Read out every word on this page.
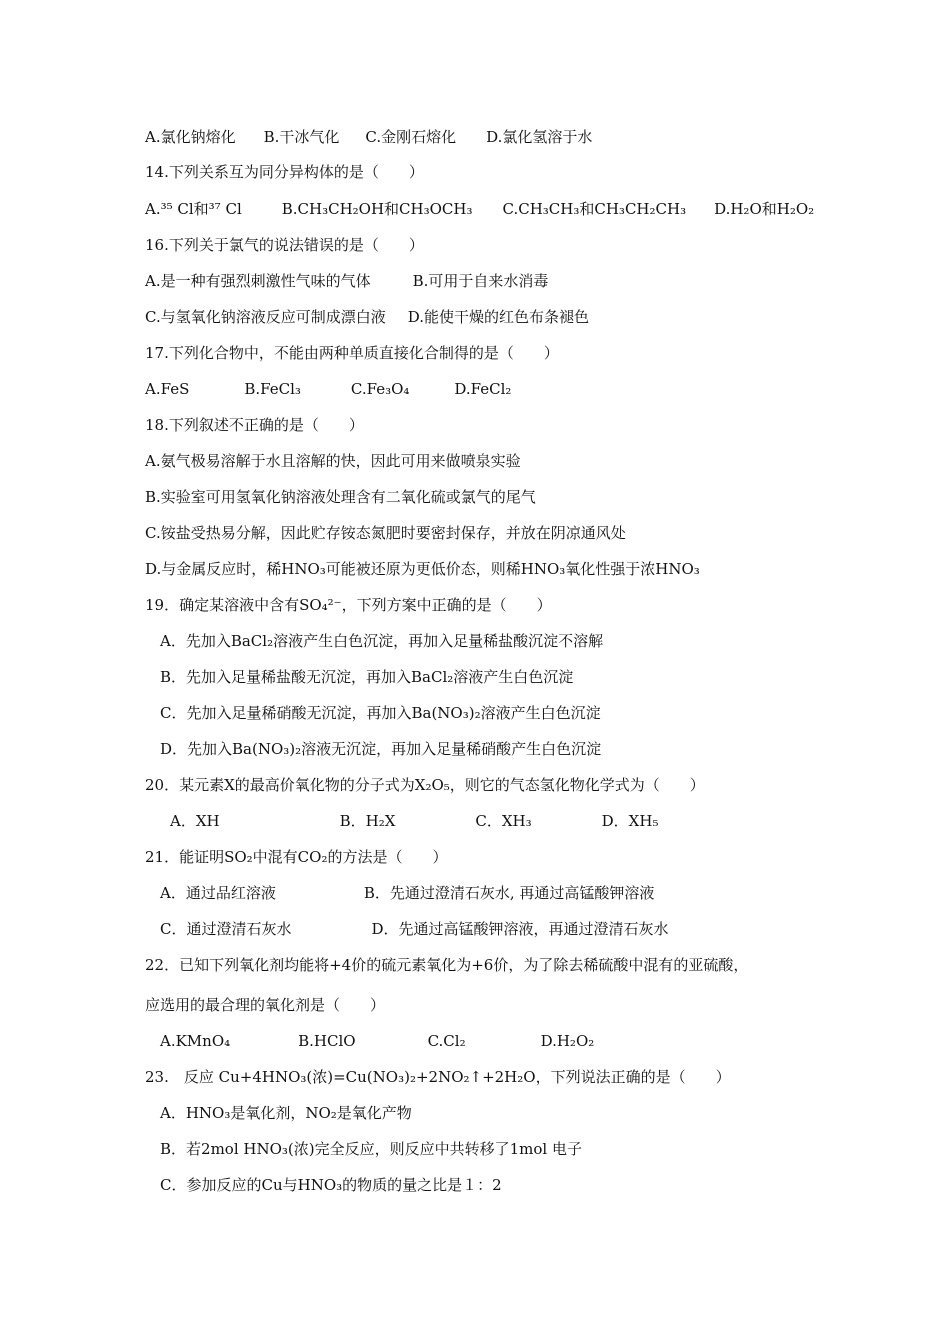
A.氯化钠熔化 B.干冰气化 C.金刚石熔化 D.氯化氢溶于水
14.下列关系互为同分异构体的是（　　）
A.³⁵ Cl和³⁷ Cl	B.CH₃CH₂OH和CH₃OCH₃ C.CH₃CH₃和CH₃CH₂CH₃ D.H₂O和H₂O₂
16.下列关于氯气的说法错误的是（　　）
A.是一种有强烈刺激性气味的气体	B.可用于自来水消毒
C.与氢氧化钠溶液反应可制成漂白液 D.能使干燥的红色布条褪色
17.下列化合物中，不能由两种单质直接化合制得的是（　　）
A.FeS	B.FeCl₃	C.Fe₃O₄	D.FeCl₂
18.下列叙述不正确的是（　　）
A.氨气极易溶解于水且溶解的快，因此可用来做喷泉实验
B.实验室可用氢氧化钠溶液处理含有二氧化硫或氯气的尾气
C.铵盐受热易分解，因此贮存铵态氮肥时要密封保存，并放在阴凉通风处
D.与金属反应时，稀HNO₃可能被还原为更低价态，则稀HNO₃氧化性强于浓HNO₃
19．确定某溶液中含有SO₄²⁻，下列方案中正确的是（　　）
A．先加入BaCl₂溶液产生白色沉淀，再加入足量稀盐酸沉淀不溶解
B．先加入足量稀盐酸无沉淀，再加入BaCl₂溶液产生白色沉淀
C．先加入足量稀硝酸无沉淀，再加入Ba(NO₃)₂溶液产生白色沉淀
D．先加入Ba(NO₃)₂溶液无沉淀，再加入足量稀硝酸产生白色沉淀
20．某元素X的最高价氧化物的分子式为X₂O₅，则它的气态氢化物化学式为（　　）
A．XH	B．H₂X	C．XH₃	D．XH₅
21．能证明SO₂中混有CO₂的方法是（　　）
A．通过品红溶液	B．先通过澄清石灰水, 再通过高锰酸钾溶液
C．通过澄清石灰水	D．先通过高锰酸钾溶液，再通过澄清石灰水
22．已知下列氧化剂均能将+4价的硫元素氧化为+6价，为了除去稀硫酸中混有的亚硫酸，
应选用的最合理的氧化剂是（　　）
A.KMnO₄	B.HClO	C.Cl₂	D.H₂O₂
23.　反应 Cu+4HNO₃(浓)=Cu(NO₃)₂+2NO₂↑+2H₂O，下列说法正确的是（　　）
A．HNO₃是氧化剂，NO₂是氧化产物
B．若2mol HNO₃(浓)完全反应，则反应中共转移了1mol 电子
C．参加反应的Cu与HNO₃的物质的量之比是１：2
